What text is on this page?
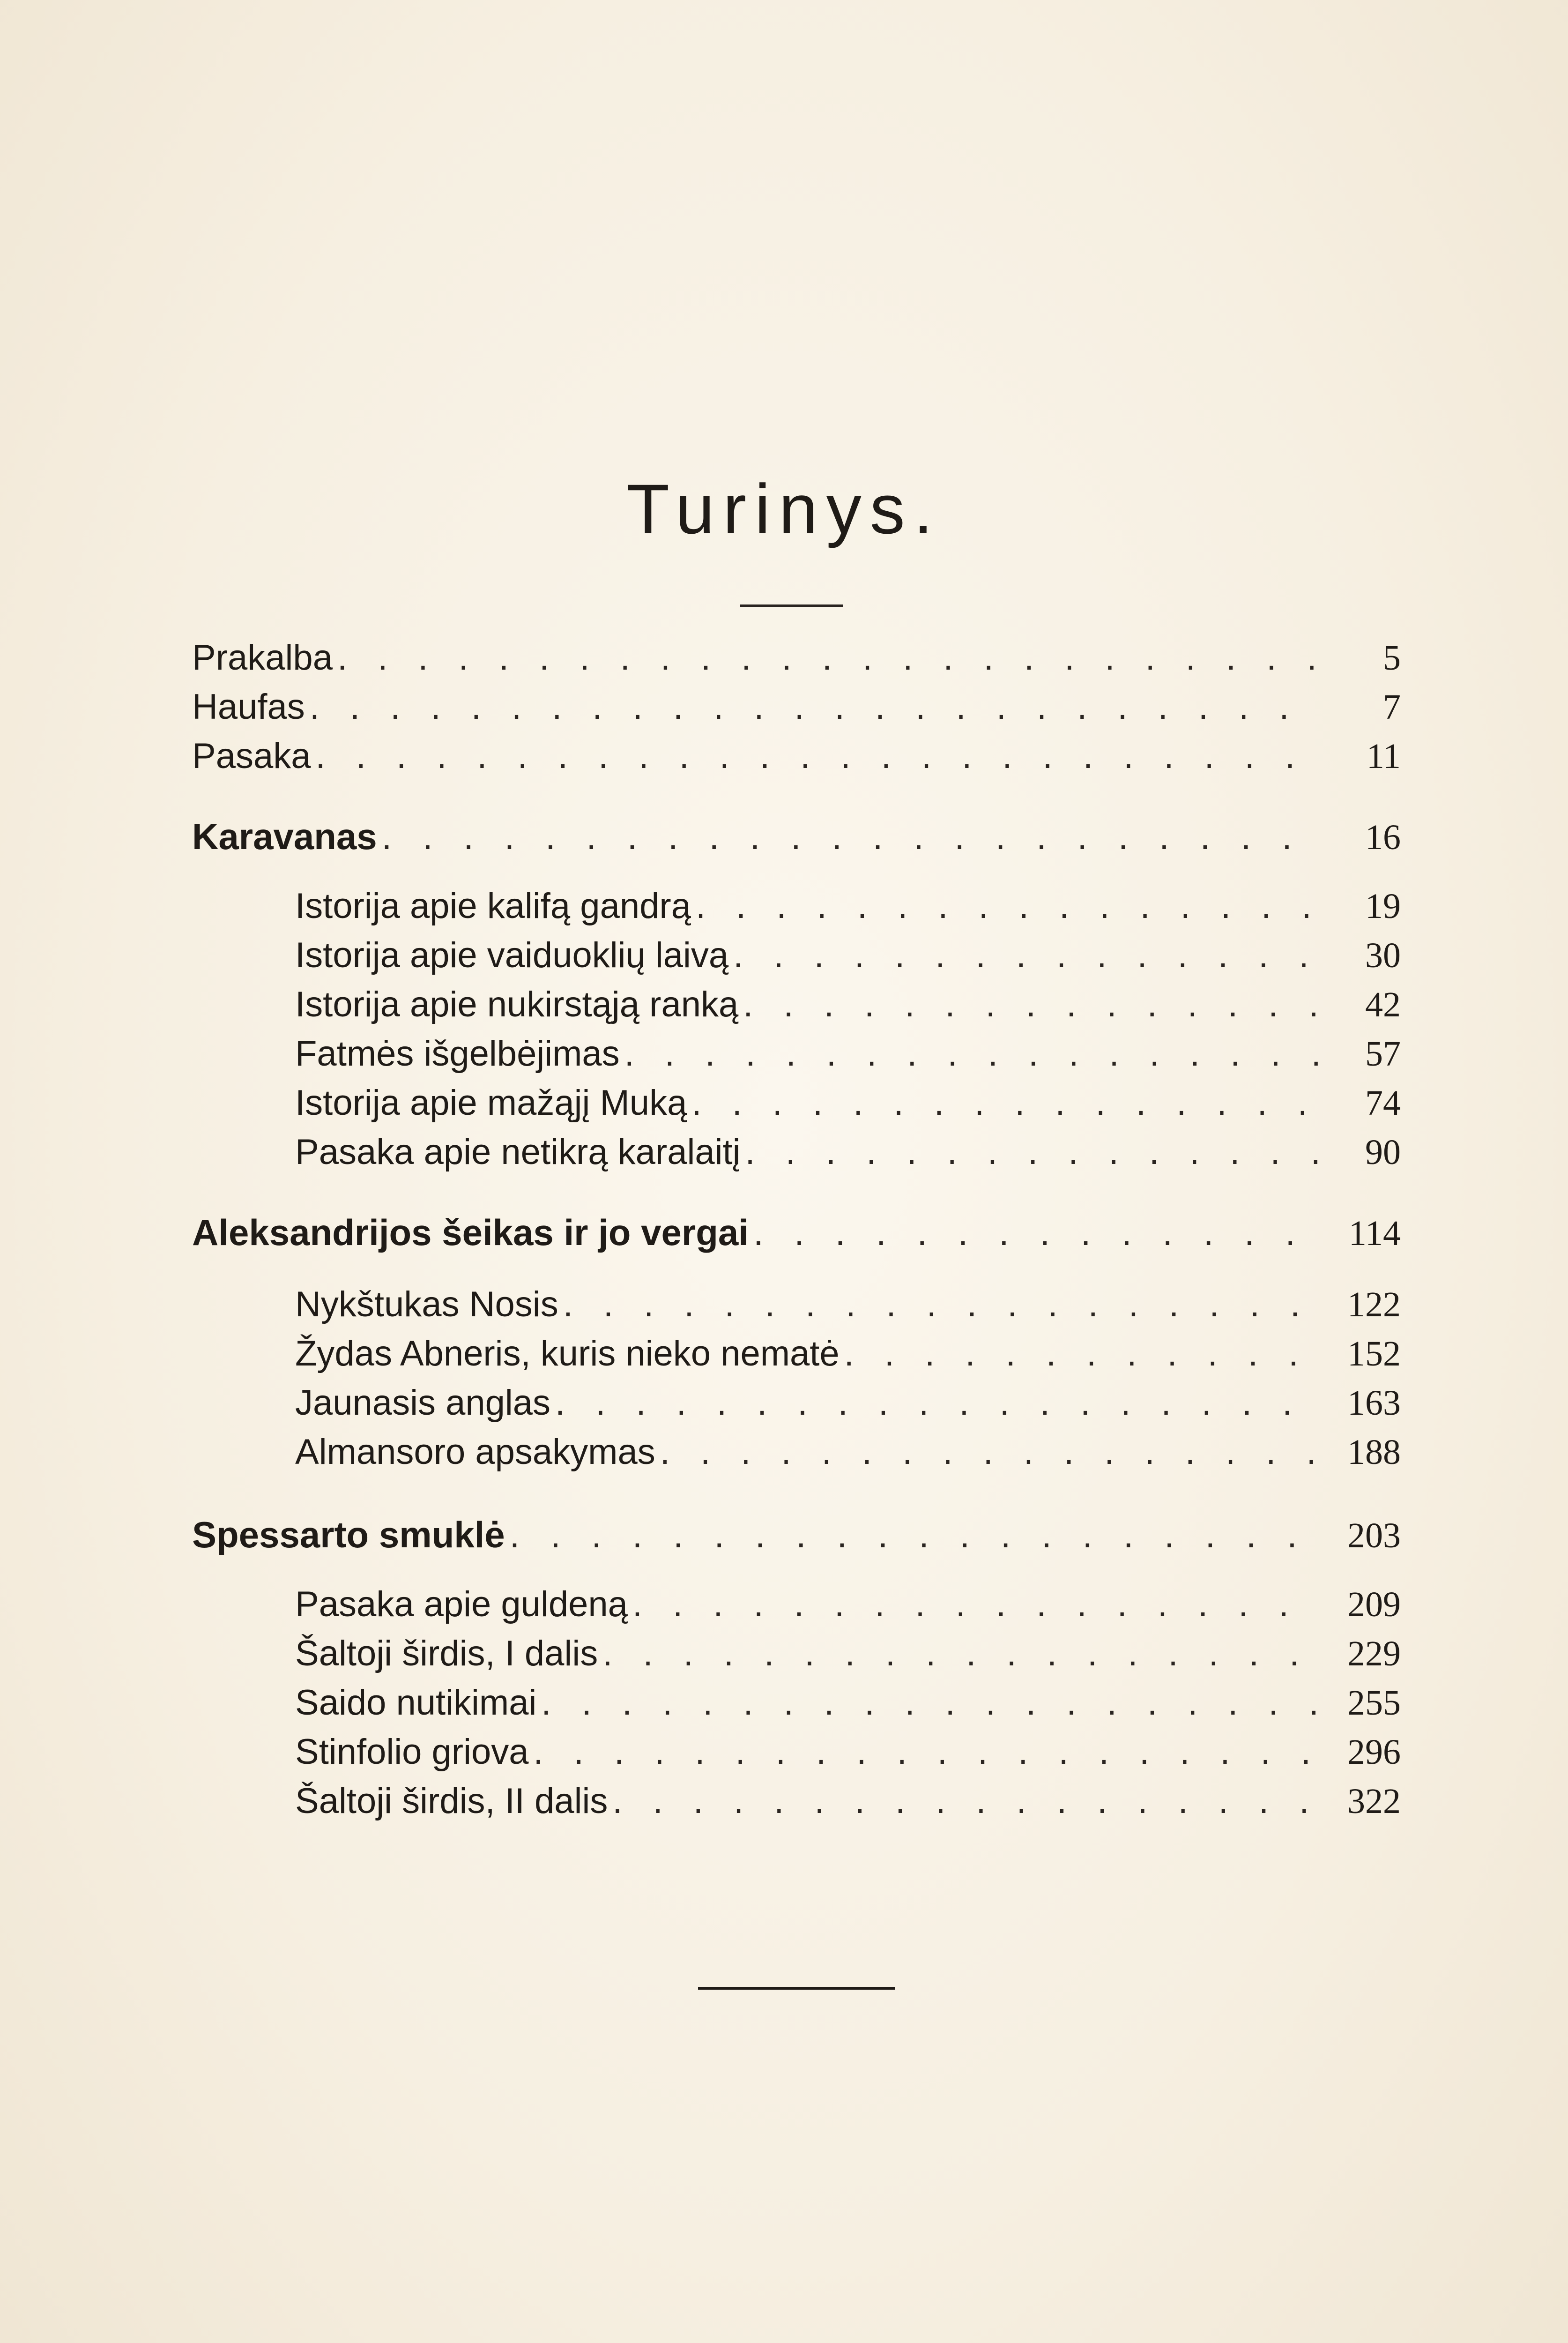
Turinys.
Prakalba . . .	5
Haufas . . .	7
Pasaka . . .	11
Karavanas . . .	16
Istorija apie kalifą gandrą . . .	19
Istorija apie vaiduoklių laivą . . .	30
Istorija apie nukirstąją ranką . . .	42
Fatmės išgelbėjimas . . .	57
Istorija apie mažąjį Muką . . .	74
Pasaka apie netikrą karalaitį . . .	90
Aleksandrijos šeikas ir jo vergai . . .	114
Nykštukas Nosis . . .	122
Žydas Abneris, kuris nieko nematė . . .	152
Jaunasis anglas . . .	163
Almansoro apsakymas . . .	188
Spessarto smuklė . . .	203
Pasaka apie guldeną . . .	209
Šaltoji širdis, I dalis . . .	229
Saido nutikimai . . .	255
Stinfolio griova . . .	296
Šaltoji širdis, II dalis . . .	322
